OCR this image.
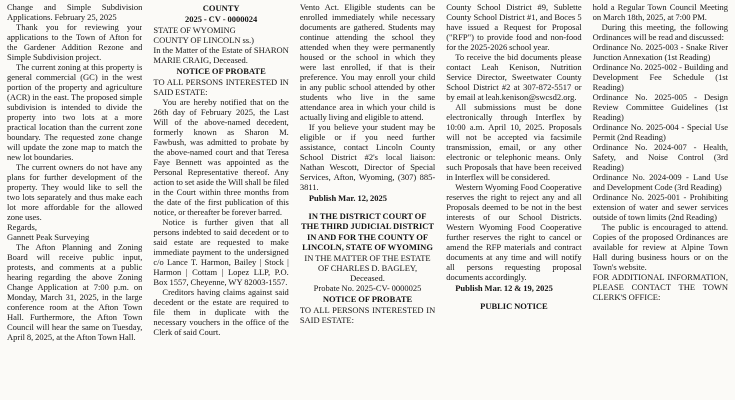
Change and Simple Subdivision Applications. February 25, 2025

Thank you for reviewing your applications to the Town of Afton for the Gardener Addition Rezone and Simple Subdivision project.

The current zoning at this property is general commercial (GC) in the west portion of the property and agriculture (ACR) in the east. The proposed simple subdivision is intended to divide the property into two lots at a more practical location than the current zone boundary. The requested zone change will update the zone map to match the new lot boundaries.

The current owners do not have any plans for further development of the property. They would like to sell the two lots separately and thus make each lot more affordable for the allowed zone uses.

Regards,

Gannett Peak Surveying

The Afton Planning and Zoning Board will receive public input, protests, and comments at a public hearing regarding the above Zoning Change Application at 7:00 p.m. on Monday, March 31, 2025, in the large conference room at the Afton Town Hall. Furthermore, the Afton Town Council will hear the same on Tuesday, April 8, 2025, at the Afton Town Hall.

COUNTY

2025 - CV - 0000024

STATE OF WYOMING

COUNTY OF LINCOLN ss.)

In the Matter of the Estate of SHARON MARIE CRAIG, Deceased.

NOTICE OF PROBATE

TO ALL PERSONS INTERESTED IN SAID ESTATE:

You are hereby notified that on the 26th day of February 2025, the Last Will of the above-named decedent, formerly known as Sharon M. Fawbush, was admitted to probate by the above-named court and that Teresa Faye Bennett was appointed as the Personal Representative thereof. Any action to set aside the Will shall be filed in the Court within three months from the date of the first publication of this notice, or thereafter be forever barred.

Notice is further given that all persons indebted to said decedent or to said estate are requested to make immediate payment to the undersigned c/o Lance T. Harmon, Bailey | Stock | Harmon | Cottam | Lopez LLP, P.O. Box 1557, Cheyenne, WY 82003-1557.

Creditors having claims against said decedent or the estate are required to file them in duplicate with the necessary vouchers in the office of the Clerk of said Court.

Vento Act. Eligible students can be enrolled immediately while necessary documents are gathered. Students may continue attending the school they attended when they were permanently housed or the school in which they were last enrolled, if that is their preference. You may enroll your child in any public school attended by other students who live in the same attendance area in which your child is actually living and eligible to attend.

If you believe your student may be eligible or if you need further assistance, contact Lincoln County School District #2's local liaison: Nathan Wescott, Director of Special Services, Afton, Wyoming, (307) 885-3811.

Publish Mar. 12, 2025

IN THE DISTRICT COURT OF THE THIRD JUDICIAL DISTRICT

IN AND FOR THE COUNTY OF LINCOLN, STATE OF WYOMING

IN THE MATTER OF THE ESTATE OF CHARLES D. BAGLEY, Deceased.

Probate No. 2025-CV- 0000025

NOTICE OF PROBATE

TO ALL PERSONS INTERESTED IN SAID ESTATE:

County School District #9, Sublette County School District #1, and Boces 5 have issued a Request for Proposal ("RFP") to provide food and non-food for the 2025-2026 school year.

To receive the bid documents please contact Leah Kenison, Nutrition Service Director, Sweetwater County School District #2 at 307-872-5517 or by email at leah.kenison@swcsd2.org.

All submissions must be done electronically through Interflex by 10:00 a.m. April 10, 2025. Proposals will not be accepted via facsimile transmission, email, or any other electronic or telephonic means. Only such Proposals that have been received in Interflex will be considered.

Western Wyoming Food Cooperative reserves the right to reject any and all Proposals deemed to be not in the best interests of our School Districts. Western Wyoming Food Cooperative further reserves the right to cancel or amend the RFP materials and contract documents at any time and will notify all persons requesting proposal documents accordingly.

Publish Mar. 12 & 19, 2025

PUBLIC NOTICE

hold a Regular Town Council Meeting on March 18th, 2025, at 7:00 PM.

During this meeting, the following Ordinances will be read and discussed:

Ordinance No. 2025-003 - Snake River Junction Annexation (1st Reading)

Ordinance No. 2025-002 - Building and Development Fee Schedule (1st Reading)

Ordinance No. 2025-005 - Design Review Committee Guidelines (1st Reading)

Ordinance No. 2025-004 - Special Use Permit (2nd Reading)

Ordinance No. 2024-007 - Health, Safety, and Noise Control (3rd Reading)

Ordinance No. 2024-009 - Land Use and Development Code (3rd Reading)

Ordinance No. 2025-001 - Prohibiting extension of water and sewer services outside of town limits (2nd Reading)

The public is encouraged to attend. Copies of the proposed Ordinances are available for review at Alpine Town Hall during business hours or on the Town's website.

FOR ADDITIONAL INFORMATION, PLEASE CONTACT THE TOWN CLERK'S OFFICE:
